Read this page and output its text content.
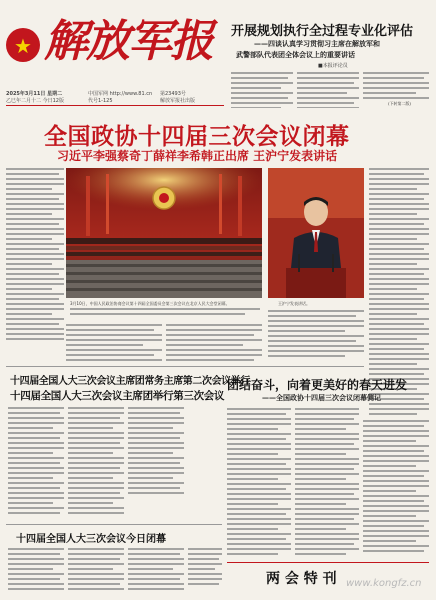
★ 解放军报
2025年3月11日 星期二
乙巳年二月十二 今日12版
中国军网 http://www.81.cn
代号1-125
第23493号
解放军报社出版
开展规划执行全过程专业化评估
——四谈认真学习贯彻习主席在解放军和
武警部队代表团全体会议上的重要讲话
■本报评论员
(下转第二版)
全国政协十四届三次会议闭幕
习近平李强蔡奇丁薛祥李希韩正出席 王沪宁发表讲话
3月10日，中国人民政治协商会议第十四届全国委员会第三次会议在北京人民大会堂闭幕。	王沪宁发表讲话。
十四届全国人大三次会议主席团常务主席第二次会议举行
十四届全国人大三次会议主席团举行第三次会议
十四届全国人大三次会议今日闭幕
团结奋斗，向着更美好的春天进发
——全国政协十四届三次会议闭幕侧记
两 会 特 刊 www.kongfz.cn
